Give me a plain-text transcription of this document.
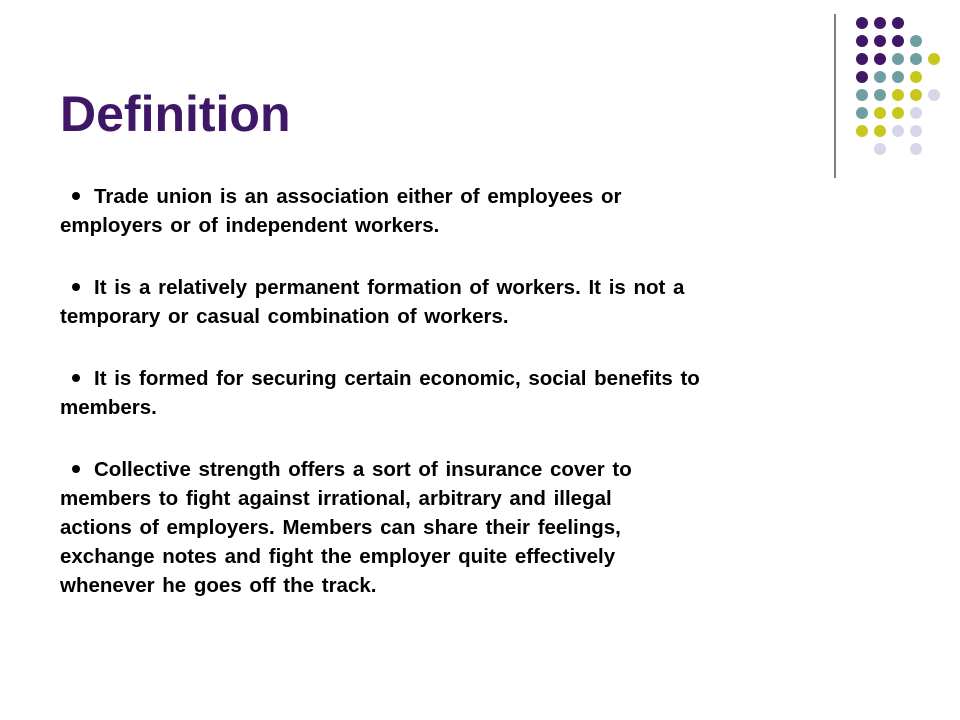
Definition

Trade union is an association either of employees or
employers or of independent workers.

It is a relatively permanent formation of workers. It is not a
temporary or casual combination of workers.

It is formed for securing certain economic, social benefits to
members.

Collective strength offers a sort of insurance cover to
members to fight against irrational, arbitrary and illegal
actions of employers. Members can share their feelings,
exchange notes and fight the employer quite effectively
whenever he goes off the track.
